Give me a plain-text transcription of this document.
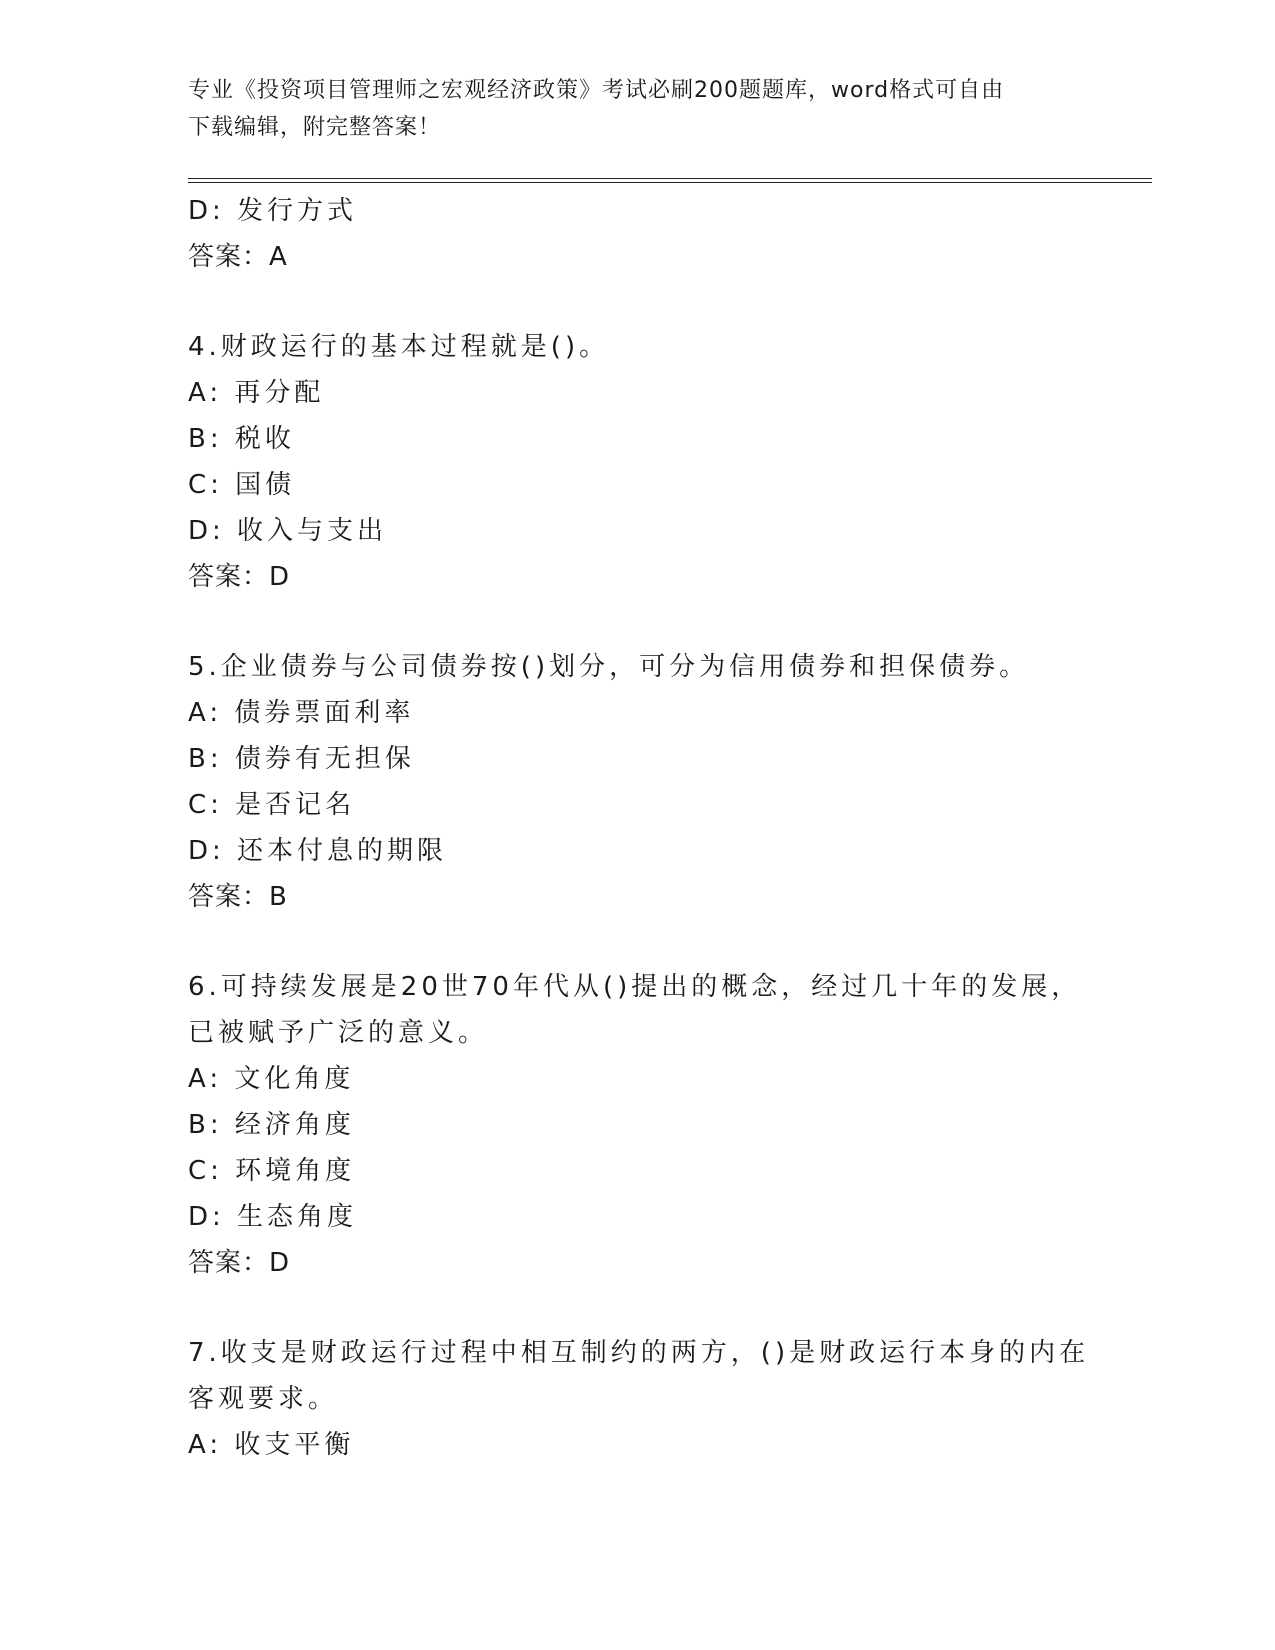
专业《投资项目管理师之宏观经济政策》考试必刷200题题库，word格式可自由
下载编辑，附完整答案！
D: 发行方式
答案：A
4.财政运行的基本过程就是()。
A: 再分配
B: 税收
C: 国债
D: 收入与支出
答案：D
5.企业债券与公司债券按()划分，可分为信用债券和担保债券。
A: 债券票面利率
B: 债券有无担保
C: 是否记名
D: 还本付息的期限
答案：B
6.可持续发展是20世70年代从()提出的概念，经过几十年的发展，
已被赋予广泛的意义。
A: 文化角度
B: 经济角度
C: 环境角度
D: 生态角度
答案：D
7.收支是财政运行过程中相互制约的两方，()是财政运行本身的内在
客观要求。
A: 收支平衡
